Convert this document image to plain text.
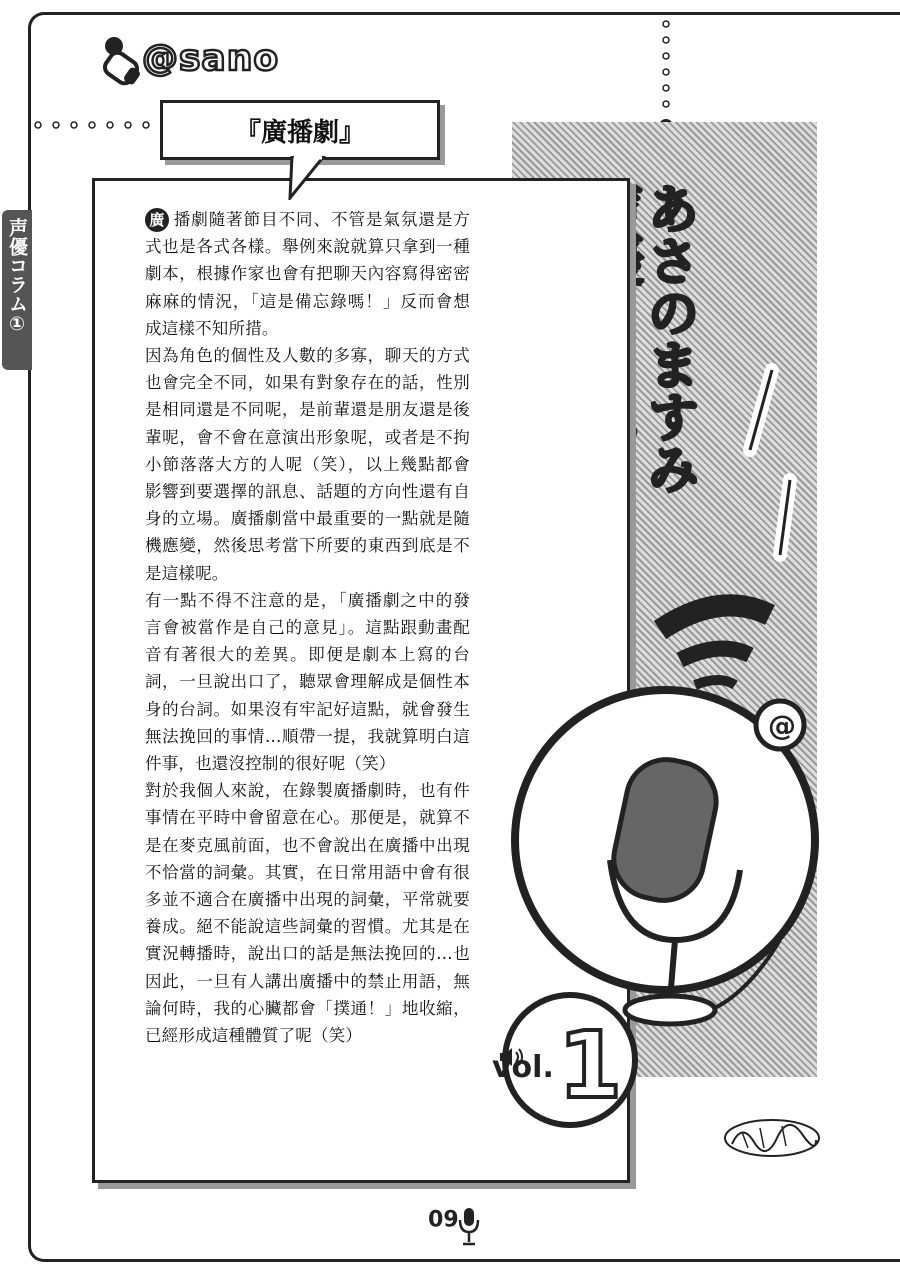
声優コラム①
@sano
あさのますみ

『廣播劇』

廣 播劇隨著節目不同、不管是氣氛還是方式也是各式各樣。舉例來說就算只拿到一種劇本，根據作家也會有把聊天內容寫得密密麻麻的情況，「這是備忘錄嗎！」反而會想成這樣不知所措。

因為角色的個性及人數的多寡，聊天的方式也會完全不同，如果有對象存在的話，性別是相同還是不同呢，是前輩還是朋友還是後輩呢，會不會在意演出形象呢，或者是不拘小節落落大方的人呢（笑），以上幾點都會影響到要選擇的訊息、話題的方向性還有自身的立場。廣播劇當中最重要的一點就是隨機應變，然後思考當下所要的東西到底是不是這樣呢。

有一點不得不注意的是，「廣播劇之中的發言會被當作是自己的意見」。這點跟動畫配音有著很大的差異。即便是劇本上寫的台詞，一旦說出口了，聽眾會理解成是個性本身的台詞。如果沒有牢記好這點，就會發生無法挽回的事情…順帶一提，我就算明白這件事，也還沒控制的很好呢（笑）

對於我個人來說，在錄製廣播劇時，也有件事情在平時中會留意在心。那便是，就算不是在麥克風前面，也不會說出在廣播中出現不恰當的詞彙。其實，在日常用語中會有很多並不適合在廣播中出現的詞彙，平常就要養成。絕不能說這些詞彙的習慣。尤其是在實況轉播時，說出口的話是無法挽回的…也因此，一旦有人講出廣播中的禁止用語，無論何時，我的心臟都會「撲通！」地收縮，已經形成這種體質了呢（笑）

@
vol. 1
60
